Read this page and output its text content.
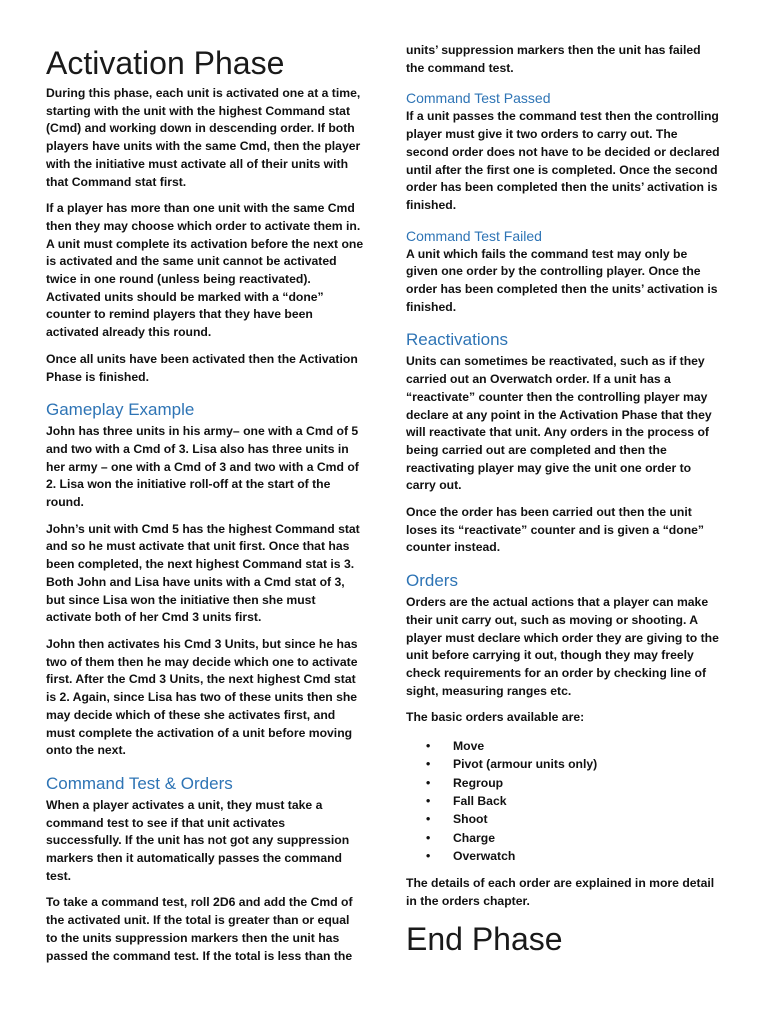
Activation Phase

During this phase, each unit is activated one at a time, starting with the unit with the highest Command stat (Cmd) and working down in descending order. If both players have units with the same Cmd, then the player with the initiative must activate all of their units with that Command stat first.

If a player has more than one unit with the same Cmd then they may choose which order to activate them in. A unit must complete its activation before the next one is activated and the same unit cannot be activated twice in one round (unless being reactivated). Activated units should be marked with a “done” counter to remind players that they have been activated already this round.

Once all units have been activated then the Activation Phase is finished.

Gameplay Example

John has three units in his army– one with a Cmd of 5 and two with a Cmd of 3. Lisa also has three units in her army – one with a Cmd of 3 and two with a Cmd of 2. Lisa won the initiative roll-off at the start of the round.

John’s unit with Cmd 5 has the highest Command stat and so he must activate that unit first. Once that has been completed, the next highest Command stat is 3. Both John and Lisa have units with a Cmd stat of 3, but since Lisa won the initiative then she must activate both of her Cmd 3 units first.

John then activates his Cmd 3 Units, but since he has two of them then he may decide which one to activate first. After the Cmd 3 Units, the next highest Cmd stat is 2. Again, since Lisa has two of these units then she may decide which of these she activates first, and must complete the activation of a unit before moving onto the next.

Command Test & Orders

When a player activates a unit, they must take a command test to see if that unit activates successfully. If the unit has not got any suppression markers then it automatically passes the command test.

To take a command test, roll 2D6 and add the Cmd of the activated unit. If the total is greater than or equal to the units suppression markers then the unit has passed the command test. If the total is less than the

units’ suppression markers then the unit has failed the command test.

Command Test Passed

If a unit passes the command test then the controlling player must give it two orders to carry out. The second order does not have to be decided or declared until after the first one is completed. Once the second order has been completed then the units’ activation is finished.

Command Test Failed

A unit which fails the command test may only be given one order by the controlling player. Once the order has been completed then the units’ activation is finished.

Reactivations

Units can sometimes be reactivated, such as if they carried out an Overwatch order. If a unit has a “reactivate” counter then the controlling player may declare at any point in the Activation Phase that they will reactivate that unit. Any orders in the process of being carried out are completed and then the reactivating player may give the unit one order to carry out.

Once the order has been carried out then the unit loses its “reactivate” counter and is given a “done” counter instead.

Orders

Orders are the actual actions that a player can make their unit carry out, such as moving or shooting. A player must declare which order they are giving to the unit before carrying it out, though they may freely check requirements for an order by checking line of sight, measuring ranges etc.

The basic orders available are:

• Move
• Pivot (armour units only)
• Regroup
• Fall Back
• Shoot
• Charge
• Overwatch

The details of each order are explained in more detail in the orders chapter.

End Phase
